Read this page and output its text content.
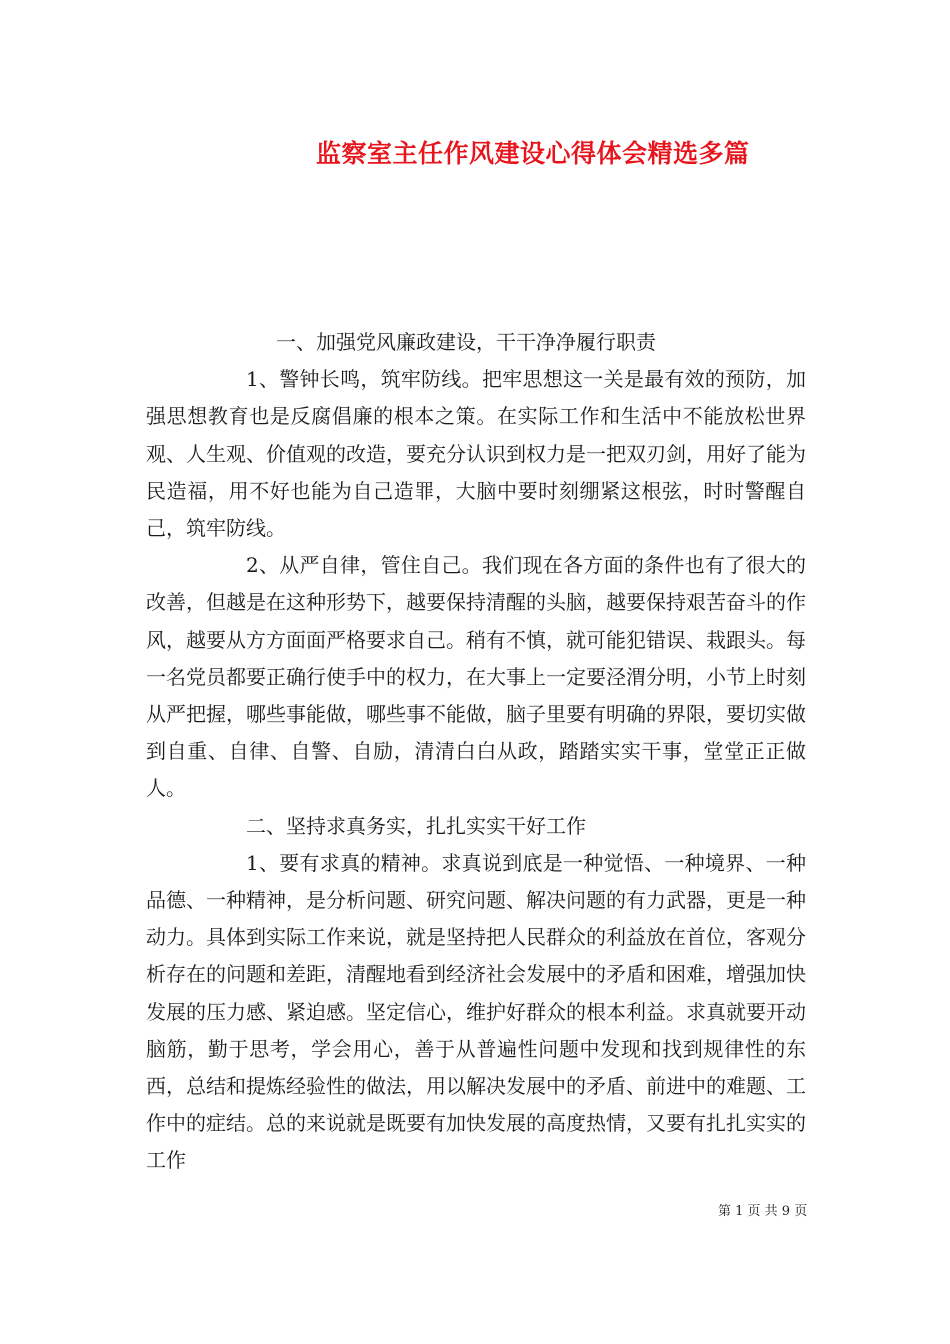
监察室主任作风建设心得体会精选多篇

一、加强党风廉政建设，干干净净履行职责

1、警钟长鸣，筑牢防线。把牢思想这一关是最有效的预防，加强思想教育也是反腐倡廉的根本之策。在实际工作和生活中不能放松世界观、人生观、价值观的改造，要充分认识到权力是一把双刃剑，用好了能为民造福，用不好也能为自己造罪，大脑中要时刻绷紧这根弦，时时警醒自己，筑牢防线。

2、从严自律，管住自己。我们现在各方面的条件也有了很大的改善，但越是在这种形势下，越要保持清醒的头脑，越要保持艰苦奋斗的作风，越要从方方面面严格要求自己。稍有不慎，就可能犯错误、栽跟头。每一名党员都要正确行使手中的权力，在大事上一定要泾渭分明，小节上时刻从严把握，哪些事能做，哪些事不能做，脑子里要有明确的界限，要切实做到自重、自律、自警、自励，清清白白从政，踏踏实实干事，堂堂正正做人。

二、坚持求真务实，扎扎实实干好工作

1、要有求真的精神。求真说到底是一种觉悟、一种境界、一种品德、一种精神，是分析问题、研究问题、解决问题的有力武器，更是一种动力。具体到实际工作来说，就是坚持把人民群众的利益放在首位，客观分析存在的问题和差距，清醒地看到经济社会发展中的矛盾和困难，增强加快发展的压力感、紧迫感。坚定信心，维护好群众的根本利益。求真就要开动脑筋，勤于思考，学会用心，善于从普遍性问题中发现和找到规律性的东西，总结和提炼经验性的做法，用以解决发展中的矛盾、前进中的难题、工作中的症结。总的来说就是既要有加快发展的高度热情，又要有扎扎实实的工作

第 1 页 共 9 页
